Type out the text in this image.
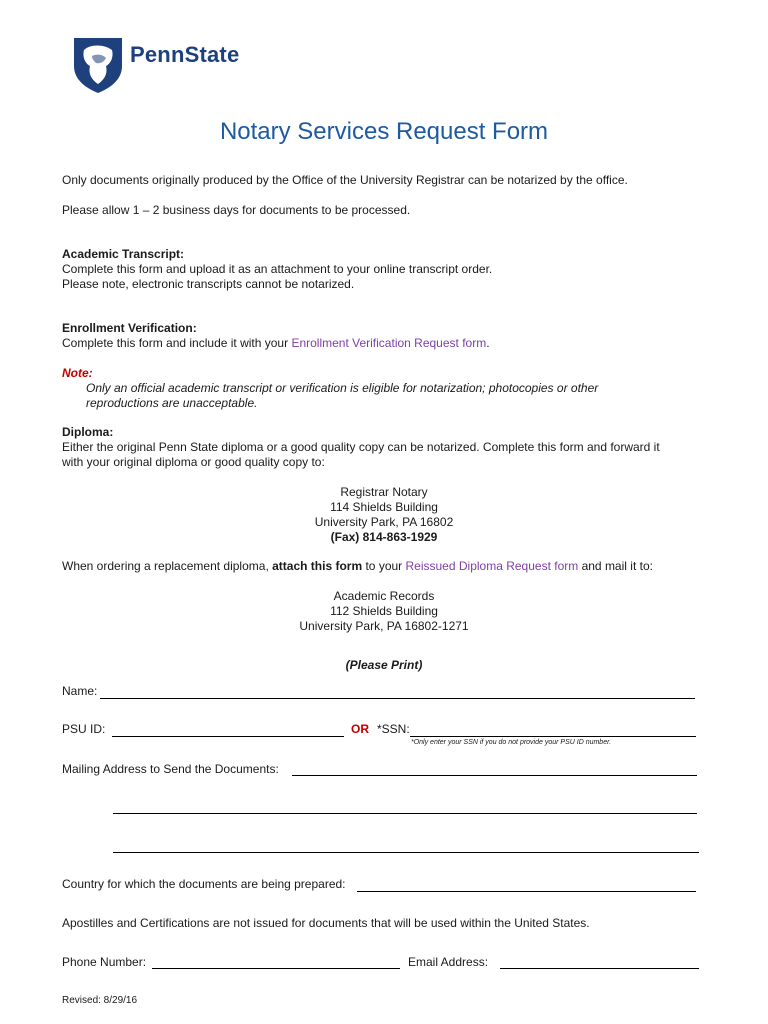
PennState
Notary Services Request Form
Only documents originally produced by the Office of the University Registrar can be notarized by the office.
Please allow 1 – 2 business days for documents to be processed.
Academic Transcript:
Complete this form and upload it as an attachment to your online transcript order.
Please note, electronic transcripts cannot be notarized.
Enrollment Verification:
Complete this form and include it with your Enrollment Verification Request form.
Note:
Only an official academic transcript or verification is eligible for notarization; photocopies or other
reproductions are unacceptable.
Diploma:
Either the original Penn State diploma or a good quality copy can be notarized. Complete this form and forward it
with your original diploma or good quality copy to:
Registrar Notary
114 Shields Building
University Park, PA 16802
(Fax) 814-863-1929
When ordering a replacement diploma, attach this form to your Reissued Diploma Request form and mail it to:
Academic Records
112 Shields Building
University Park, PA 16802-1271
(Please Print)
Name:
PSU ID:	OR *SSN:
*Only enter your SSN if you do not provide your PSU ID number.
Mailing Address to Send the Documents:
Country for which the documents are being prepared:
Apostilles and Certifications are not issued for documents that will be used within the United States.
Phone Number:	Email Address:
Revised: 8/29/16
